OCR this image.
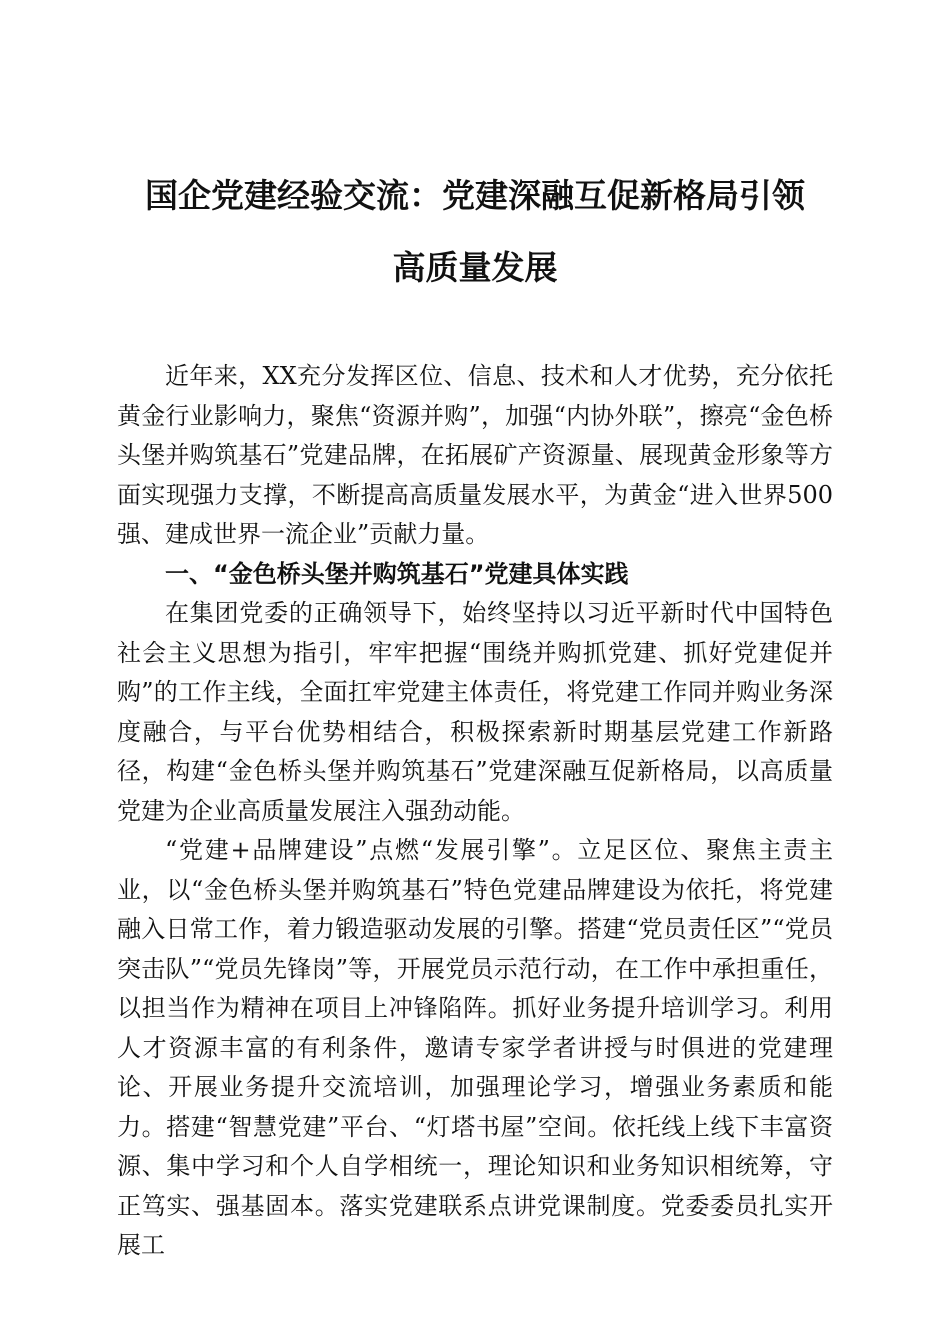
国企党建经验交流：党建深融互促新格局引领
高质量发展

近年来，XX充分发挥区位、信息、技术和人才优势，充分依托黄金行业影响力，聚焦“资源并购”，加强“内协外联”，擦亮“金色桥头堡并购筑基石”党建品牌，在拓展矿产资源量、展现黄金形象等方面实现强力支撑，不断提高高质量发展水平，为黄金“进入世界500强、建成世界一流企业”贡献力量。

一、“金色桥头堡并购筑基石”党建具体实践

在集团党委的正确领导下，始终坚持以习近平新时代中国特色社会主义思想为指引，牢牢把握“围绕并购抓党建、抓好党建促并购”的工作主线，全面扛牢党建主体责任，将党建工作同并购业务深度融合，与平台优势相结合，积极探索新时期基层党建工作新路径，构建“金色桥头堡并购筑基石”党建深融互促新格局，以高质量党建为企业高质量发展注入强劲动能。

“党建+品牌建设”点燃“发展引擎”。立足区位、聚焦主责主业，以“金色桥头堡并购筑基石”特色党建品牌建设为依托，将党建融入日常工作，着力锻造驱动发展的引擎。搭建“党员责任区”“党员突击队”“党员先锋岗”等，开展党员示范行动，在工作中承担重任，以担当作为精神在项目上冲锋陷阵。抓好业务提升培训学习。利用人才资源丰富的有利条件，邀请专家学者讲授与时俱进的党建理论、开展业务提升交流培训，加强理论学习，增强业务素质和能力。搭建“智慧党建”平台、“灯塔书屋”空间。依托线上线下丰富资源、集中学习和个人自学相统一，理论知识和业务知识相统筹，守正笃实、强基固本。落实党建联系点讲党课制度。党委委员扎实开展工
